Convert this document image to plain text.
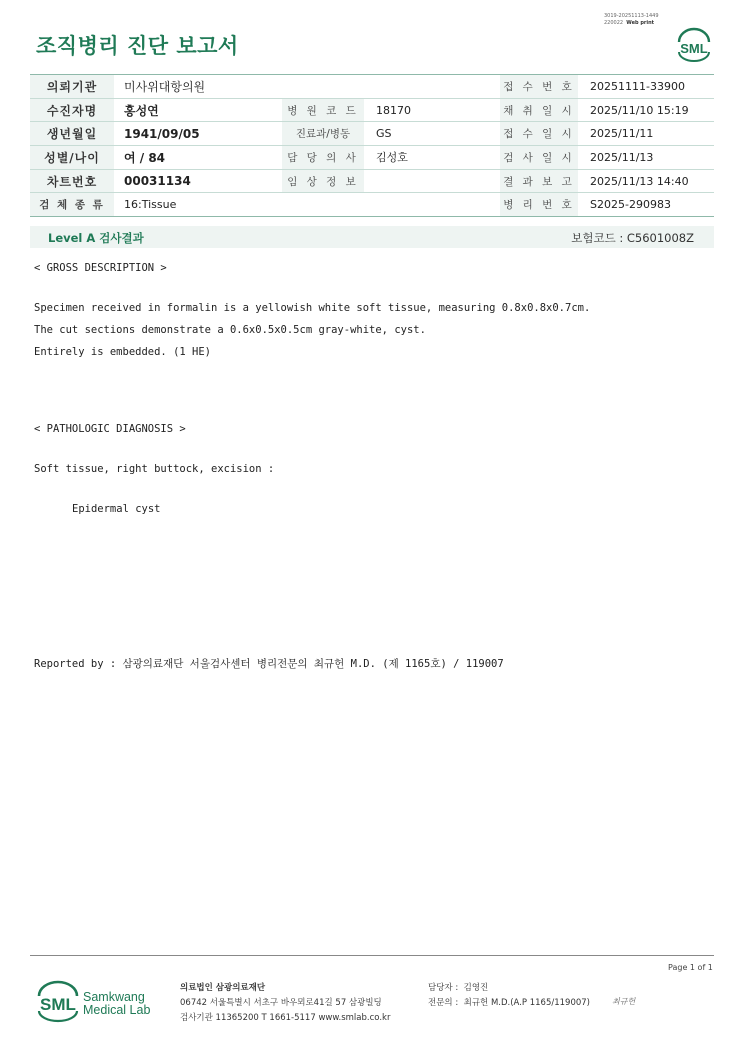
조직병리 진단 보고서
3019-20251113-1449
220022 Web print
SML
의뢰기관	미사위대항의원			접 수 번 호	20251111-33900
수진자명	홍성연	병 원 코 드	18170	채 취 일 시	2025/11/10 15:19
생년월일	1941/09/05	진료과/병동	GS	접 수 일 시	2025/11/11
성별/나이	여 / 84	담 당 의 사	김성호	검 사 일 시	2025/11/13
차트번호	00031134	임 상 정 보		결 과 보 고	2025/11/13 14:40
검 체 종 류	16:Tissue			병 리 번 호	S2025-290983
Level A 검사결과	보험코드 : C5601008Z
< GROSS DESCRIPTION >
Specimen received in formalin is a yellowish white soft tissue, measuring 0.8x0.8x0.7cm.
The cut sections demonstrate a 0.6x0.5x0.5cm gray-white, cyst.
Entirely is embedded. (1 HE)
< PATHOLOGIC DIAGNOSIS >
Soft tissue, right buttock, excision :
Epidermal cyst
Reported by : 삼광의료재단 서울검사센터 병리전문의 최규헌 M.D. (제 1165호) / 119007
Page 1 of 1
SML Samkwang
Medical Lab
의료법인 삼광의료재단
06742 서울특별시 서초구 바우뫼로41길 57 삼광빌딩
검사기관 11365200 T 1661-5117 www.smlab.co.kr
담당자 : 김영진
전문의 : 최규헌 M.D.(A.P 1165/119007)	최규헌
